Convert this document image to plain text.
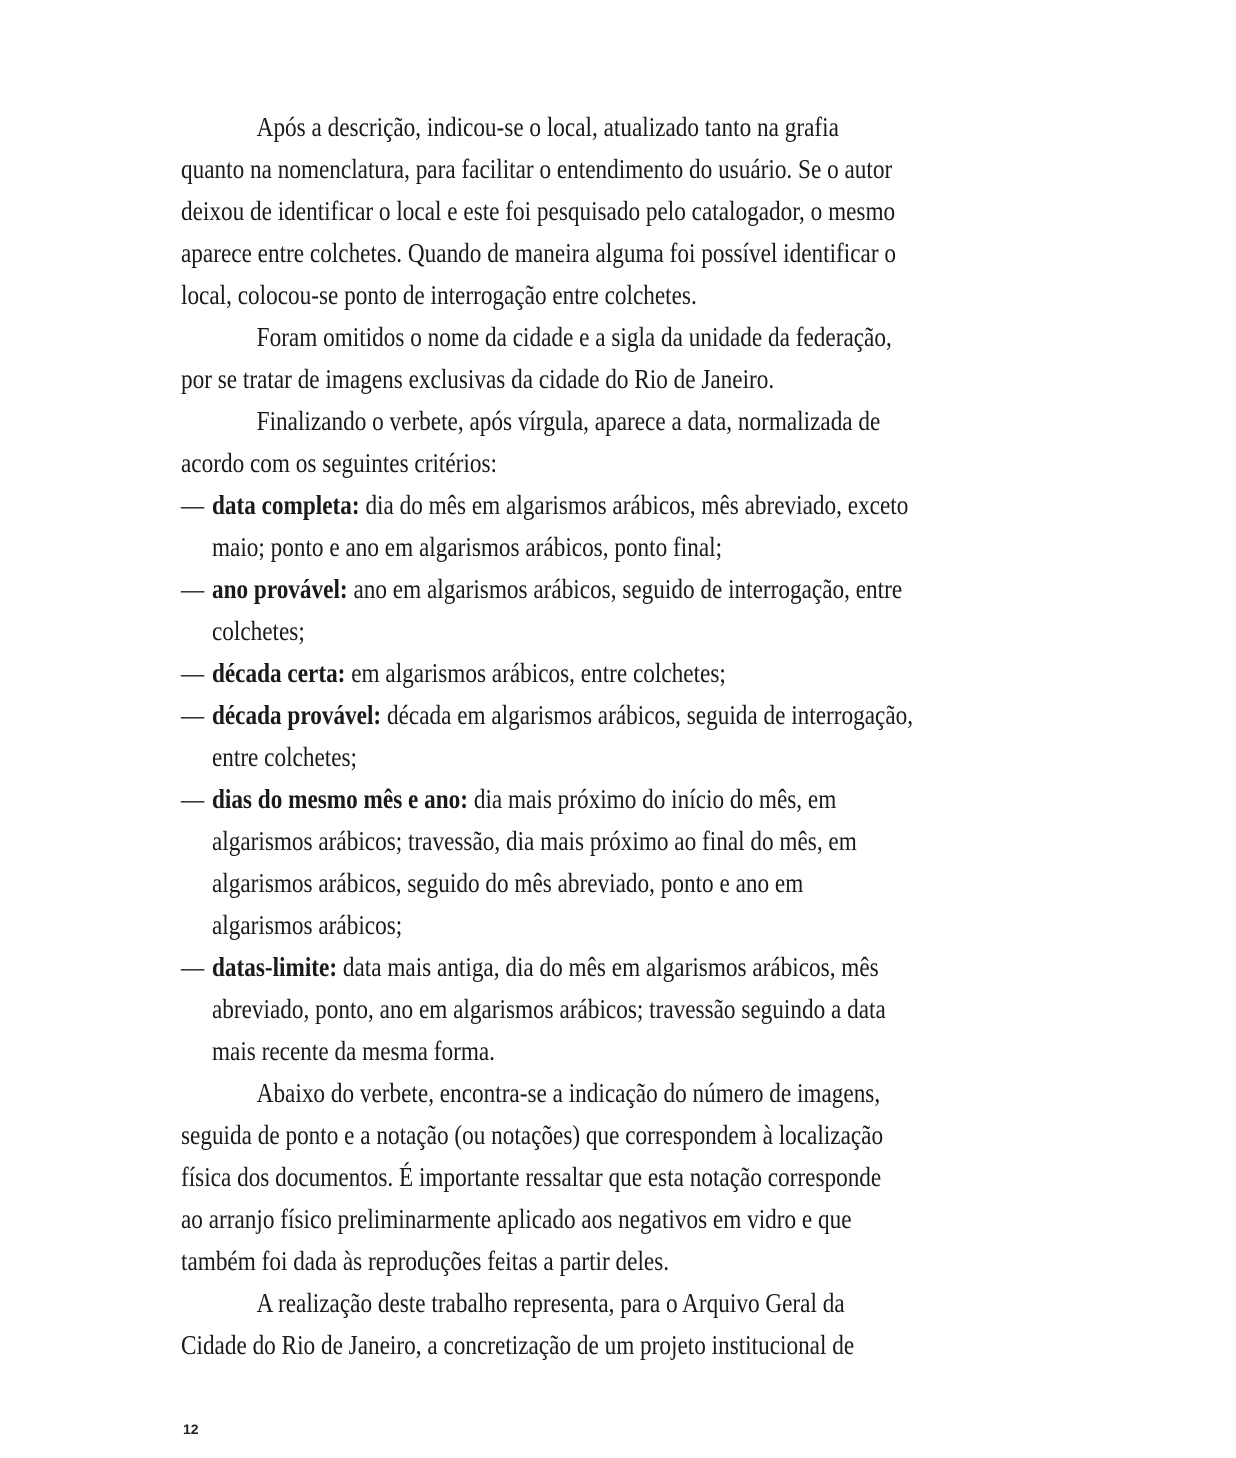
Após a descrição, indicou-se o local, atualizado tanto na grafia
quanto na nomenclatura, para facilitar o entendimento do usuário. Se o autor
deixou de identificar o local e este foi pesquisado pelo catalogador, o mesmo
aparece entre colchetes. Quando de maneira alguma foi possível identificar o
local, colocou-se ponto de interrogação entre colchetes.

Foram omitidos o nome da cidade e a sigla da unidade da federação,
por se tratar de imagens exclusivas da cidade do Rio de Janeiro.

Finalizando o verbete, após vírgula, aparece a data, normalizada de
acordo com os seguintes critérios:

— data completa: dia do mês em algarismos arábicos, mês abreviado, exceto
maio; ponto e ano em algarismos arábicos, ponto final;
— ano provável: ano em algarismos arábicos, seguido de interrogação, entre
colchetes;
— década certa: em algarismos arábicos, entre colchetes;
— década provável: década em algarismos arábicos, seguida de interrogação,
entre colchetes;
— dias do mesmo mês e ano: dia mais próximo do início do mês, em
algarismos arábicos; travessão, dia mais próximo ao final do mês, em
algarismos arábicos, seguido do mês abreviado, ponto e ano em
algarismos arábicos;
— datas-limite: data mais antiga, dia do mês em algarismos arábicos, mês
abreviado, ponto, ano em algarismos arábicos; travessão seguindo a data
mais recente da mesma forma.

Abaixo do verbete, encontra-se a indicação do número de imagens,
seguida de ponto e a notação (ou notações) que correspondem à localização
física dos documentos. É importante ressaltar que esta notação corresponde
ao arranjo físico preliminarmente aplicado aos negativos em vidro e que
também foi dada às reproduções feitas a partir deles.

A realização deste trabalho representa, para o Arquivo Geral da
Cidade do Rio de Janeiro, a concretização de um projeto institucional de

12
